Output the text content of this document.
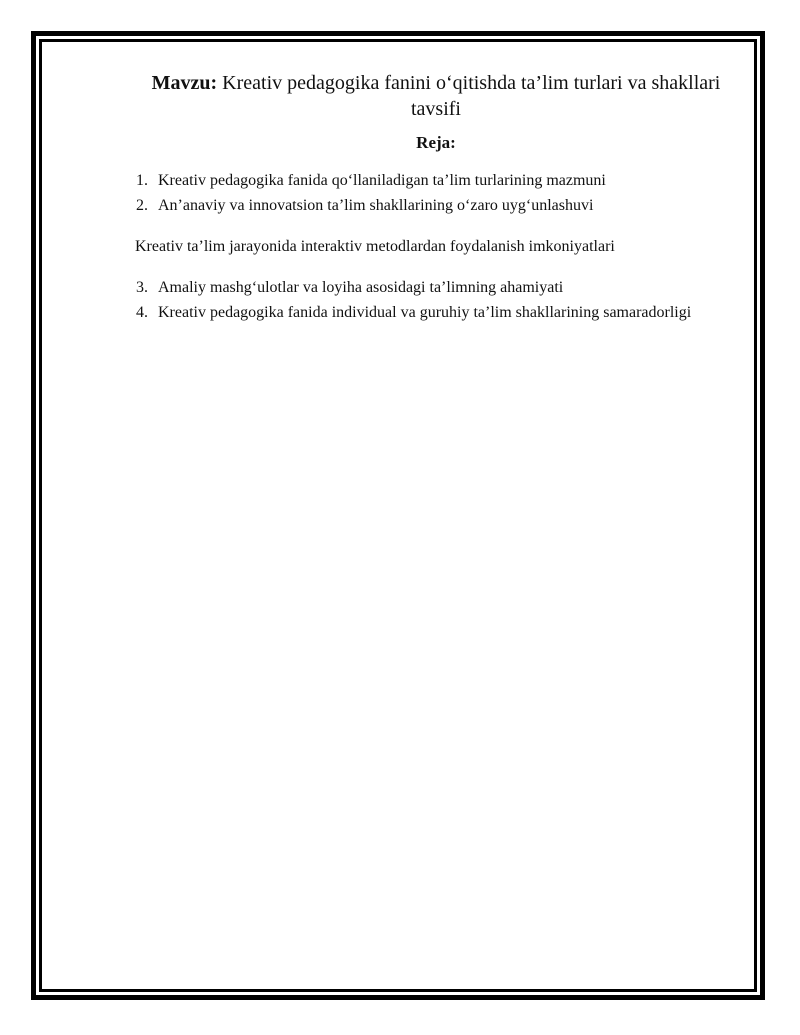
Mavzu: Kreativ pedagogika fanini o‘qitishda ta’lim turlari va shakllari tavsifi

Reja:

1. Kreativ pedagogika fanida qo‘llaniladigan ta’lim turlarining mazmuni
2. An’anaviy va innovatsion ta’lim shakllarining o‘zaro uyg‘unlashuvi

Kreativ ta’lim jarayonida interaktiv metodlardan foydalanish imkoniyatlari

3. Amaliy mashg‘ulotlar va loyiha asosidagi ta’limning ahamiyati
4. Kreativ pedagogika fanida individual va guruhiy ta’lim shakllarining samaradorligi
